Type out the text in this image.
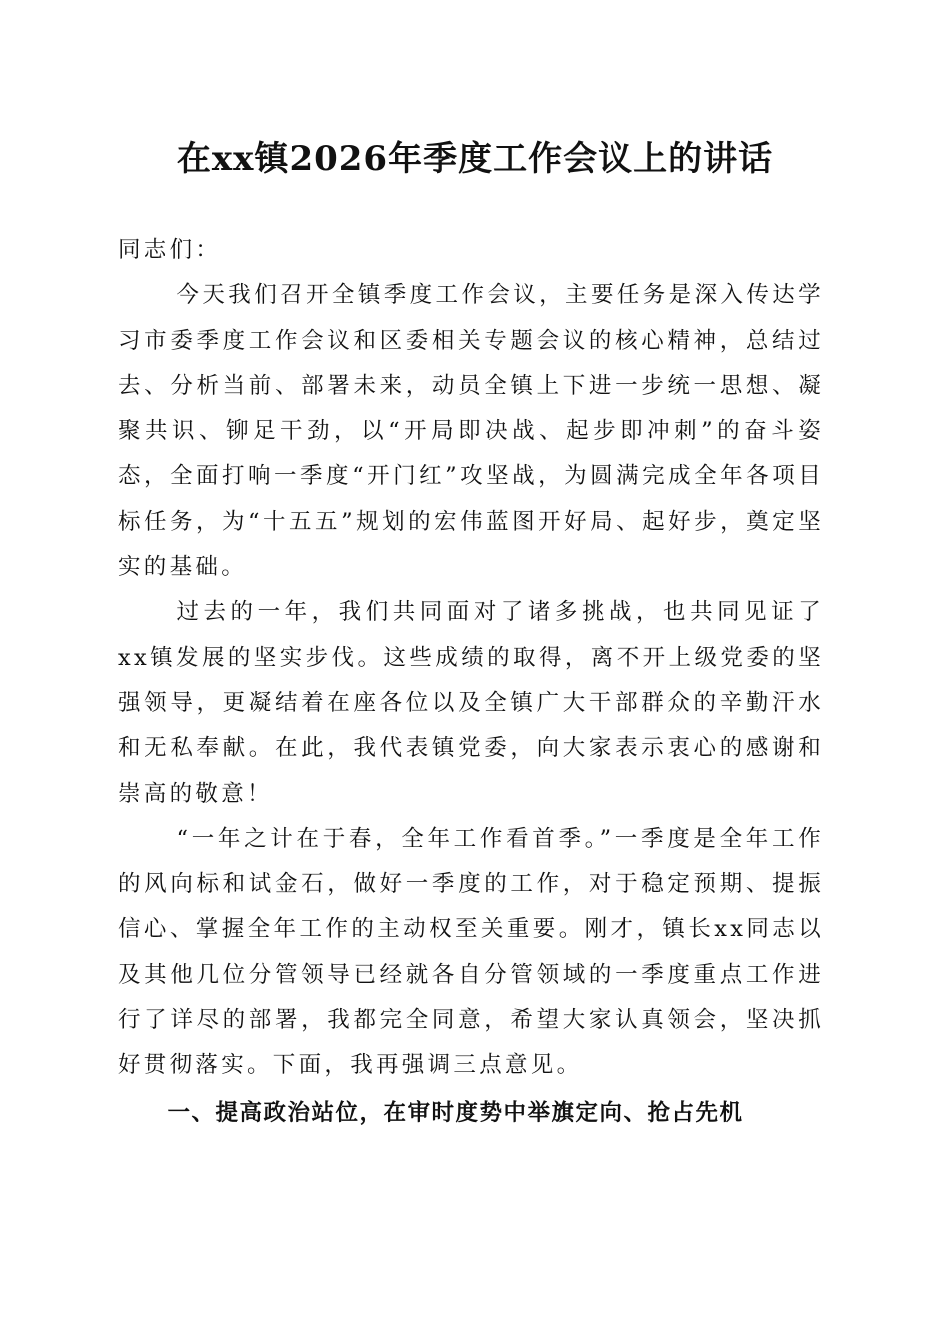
在xx镇2026年季度工作会议上的讲话

同志们：

今天我们召开全镇季度工作会议，主要任务是深入传达学习市委季度工作会议和区委相关专题会议的核心精神，总结过去、分析当前、部署未来，动员全镇上下进一步统一思想、凝聚共识、铆足干劲，以“开局即决战、起步即冲刺”的奋斗姿态，全面打响一季度“开门红”攻坚战，为圆满完成全年各项目标任务，为“十五五”规划的宏伟蓝图开好局、起好步，奠定坚实的基础。

过去的一年，我们共同面对了诸多挑战，也共同见证了xx镇发展的坚实步伐。这些成绩的取得，离不开上级党委的坚强领导，更凝结着在座各位以及全镇广大干部群众的辛勤汗水和无私奉献。在此，我代表镇党委，向大家表示衷心的感谢和崇高的敬意！

“一年之计在于春，全年工作看首季。”一季度是全年工作的风向标和试金石，做好一季度的工作，对于稳定预期、提振信心、掌握全年工作的主动权至关重要。刚才，镇长xx同志以及其他几位分管领导已经就各自分管领域的一季度重点工作进行了详尽的部署，我都完全同意，希望大家认真领会，坚决抓好贯彻落实。下面，我再强调三点意见。

一、提高政治站位，在审时度势中举旗定向、抢占先机
